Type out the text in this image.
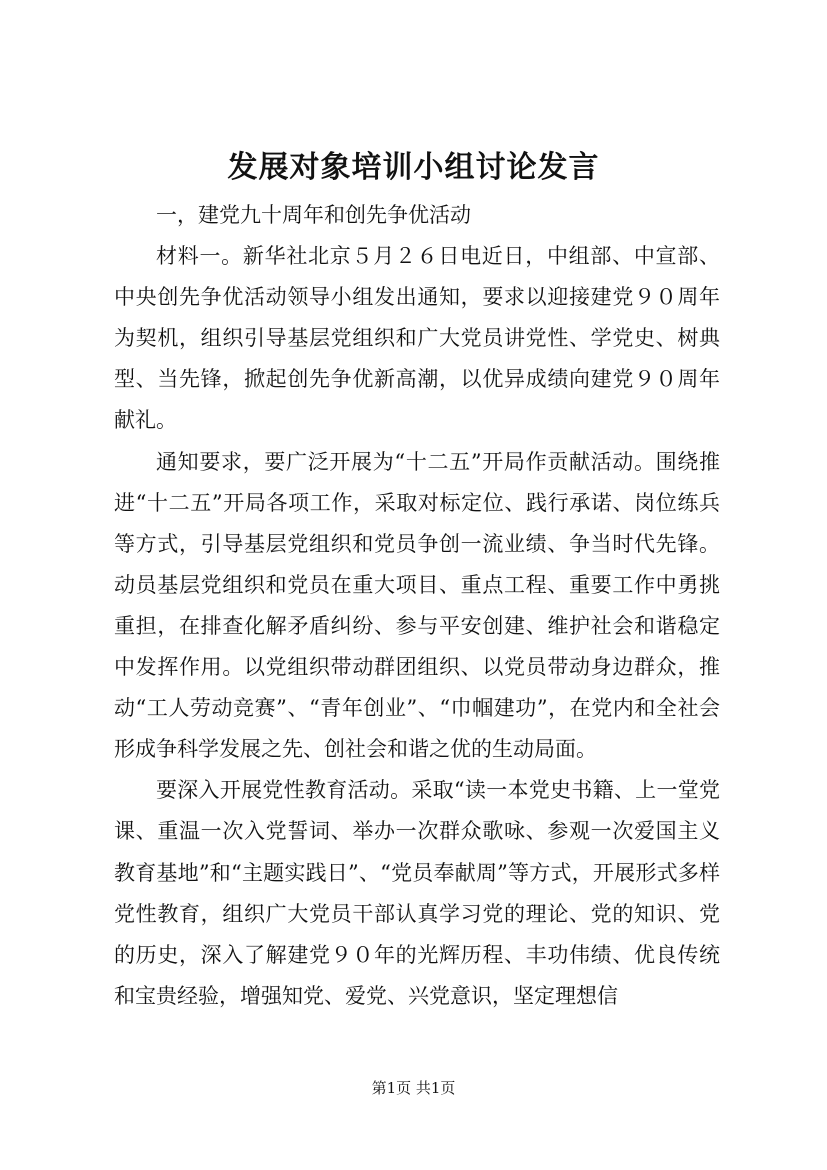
发展对象培训小组讨论发言

一，建党九十周年和创先争优活动

材料一。新华社北京５月２６日电近日，中组部、中宣部、中央创先争优活动领导小组发出通知，要求以迎接建党９０周年为契机，组织引导基层党组织和广大党员讲党性、学党史、树典型、当先锋，掀起创先争优新高潮，以优异成绩向建党９０周年献礼。

通知要求，要广泛开展为“十二五”开局作贡献活动。围绕推进“十二五”开局各项工作，采取对标定位、践行承诺、岗位练兵等方式，引导基层党组织和党员争创一流业绩、争当时代先锋。动员基层党组织和党员在重大项目、重点工程、重要工作中勇挑重担，在排查化解矛盾纠纷、参与平安创建、维护社会和谐稳定中发挥作用。以党组织带动群团组织、以党员带动身边群众，推动“工人劳动竞赛”、“青年创业”、“巾帼建功”，在党内和全社会形成争科学发展之先、创社会和谐之优的生动局面。

要深入开展党性教育活动。采取“读一本党史书籍、上一堂党课、重温一次入党誓词、举办一次群众歌咏、参观一次爱国主义教育基地”和“主题实践日”、“党员奉献周”等方式，开展形式多样党性教育，组织广大党员干部认真学习党的理论、党的知识、党的历史，深入了解建党９０年的光辉历程、丰功伟绩、优良传统和宝贵经验，增强知党、爱党、兴党意识，坚定理想信

第1页 共1页
